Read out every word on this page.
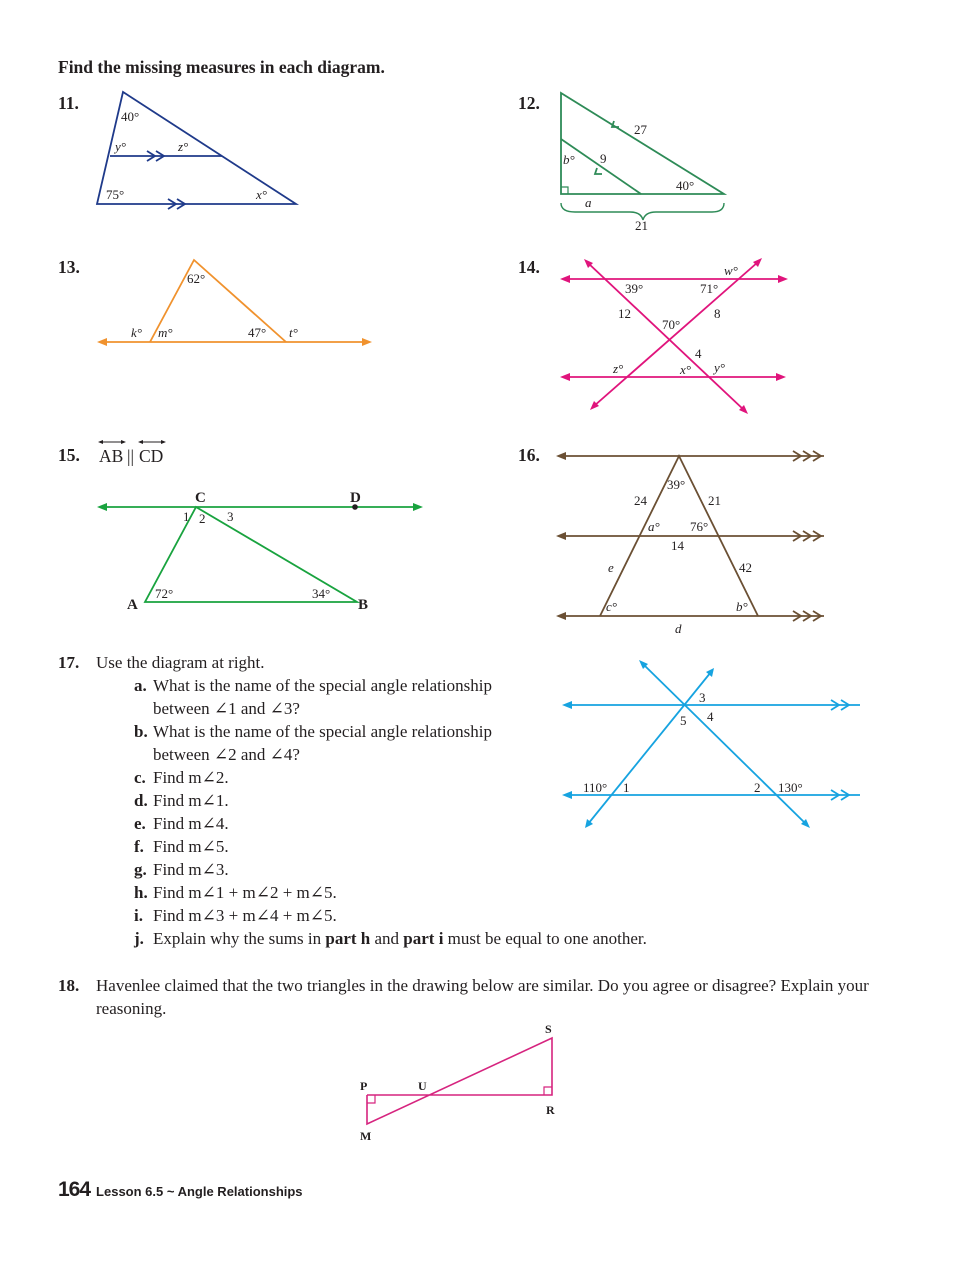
Find the missing measures in each diagram.
11.
40°
y°	z°
75°	x°
12.
27
b° 9
40°
a
21
13.
62°
k° m°	47° t°
14.	w°
39°	71°
12	8
70°
4
z°	x° y°
15. AB || CD
C	D
1 2 3
A	B
72°	34°
16.
39°
24	21
a° 76°
14
e	42
c°	b°
d
17. Use the diagram at right.
a. What is the name of the special angle relationship
between ∠1 and ∠3?
b. What is the name of the special angle relationship
between ∠2 and ∠4?
c. Find m∠2.
d. Find m∠1.
e. Find m∠4.
f. Find m∠5.
g. Find m∠3.
h. Find m∠1 + m∠2 + m∠5.
i. Find m∠3 + m∠4 + m∠5.
j. Explain why the sums in part h and part i must be equal to one another.
3
4
5
110° 1	2 130°
18. Havenlee claimed that the two triangles in the drawing below are similar. Do you agree or disagree? Explain your reasoning.
S
P	U
R
M
164 Lesson 6.5 ~ Angle Relationships
